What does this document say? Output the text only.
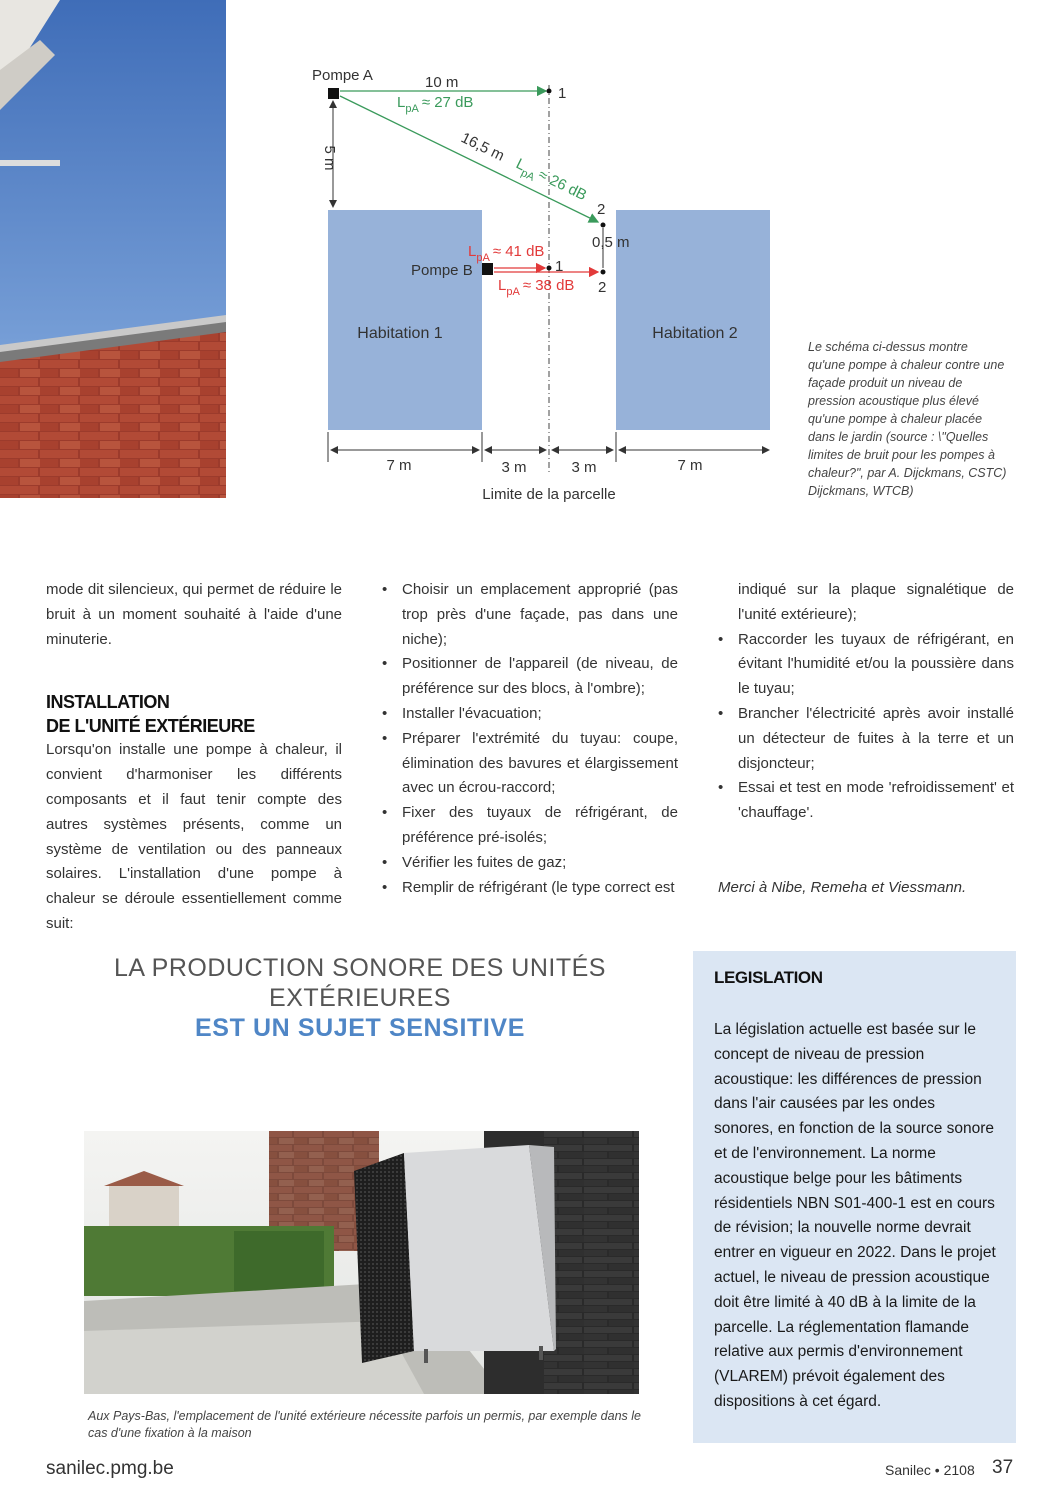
Habitation 1	Habitation 2
Pompe A
1
10 m
$L_{pA} \approx 27$ dB
5 m
2
16,5 m
$L_{pA}\approx 26$ dB
0,5 m
Pompe B	1
2
$L_{pA} \approx 41$ dB
$L_{pA} \approx 38$ dB
7 m	3 m	3 m	7 m
Limite de la parcelle
Le schéma ci-dessus montre qu'une pompe à chaleur contre une façade produit un niveau de pression acoustique plus élevé qu'une pompe à chaleur placée dans le jardin (source : \"Quelles limites de bruit pour les pompes à chaleur?", par A. Dijckmans, CSTC) Dijckmans, WTCB)

mode dit silencieux, qui permet de réduire le bruit à un moment souhaité à l'aide d'une minuterie.

INSTALLATION
DE L'UNITÉ EXTÉRIEURE

Lorsqu'on installe une pompe à chaleur, il convient d'harmoniser les différents composants et il faut tenir compte des autres systèmes présents, comme un système de ventilation ou des panneaux solaires. L'installation d'une pompe à chaleur se déroule essentiellement comme suit:

• Choisir un emplacement approprié (pas trop près d'une façade, pas dans une niche);
• Positionner de l'appareil (de niveau, de préférence sur des blocs, à l'ombre);
• Installer l'évacuation;
• Préparer l'extrémité du tuyau: coupe, élimination des bavures et élargissement avec un écrou-raccord;
• Fixer des tuyaux de réfrigérant, de préférence pré-isolés;
• Vérifier les fuites de gaz;
• Remplir de réfrigérant (le type correct est
indiqué sur la plaque signalétique de l'unité extérieure);
• Raccorder les tuyaux de réfrigérant, en évitant l'humidité et/ou la poussière dans le tuyau;
• Brancher l'électricité après avoir installé un détecteur de fuites à la terre et un disjoncteur;
• Essai et test en mode 'refroidissement' et 'chauffage'.

Merci à Nibe, Remeha et Viessmann.

LA PRODUCTION SONORE DES UNITÉS
EXTÉRIEURES
EST UN SUJET SENSITIVE
Aux Pays-Bas, l'emplacement de l'unité extérieure nécessite parfois un permis, par exemple dans le cas d'une fixation à la maison
LEGISLATION
La législation actuelle est basée sur le concept de niveau de pression acoustique: les différences de pression dans l'air causées par les ondes sonores, en fonction de la source sonore et de l'environnement. La norme acoustique belge pour les bâtiments résidentiels NBN S01-400-1 est en cours de révision; la nouvelle norme devrait entrer en vigueur en 2022. Dans le projet actuel, le niveau de pression acoustique doit être limité à 40 dB à la limite de la parcelle. La réglementation flamande relative aux permis d'environnement (VLAREM) prévoit également des dispositions à cet égard.
sanilec.pmg.be	Sanilec • 2108 37
